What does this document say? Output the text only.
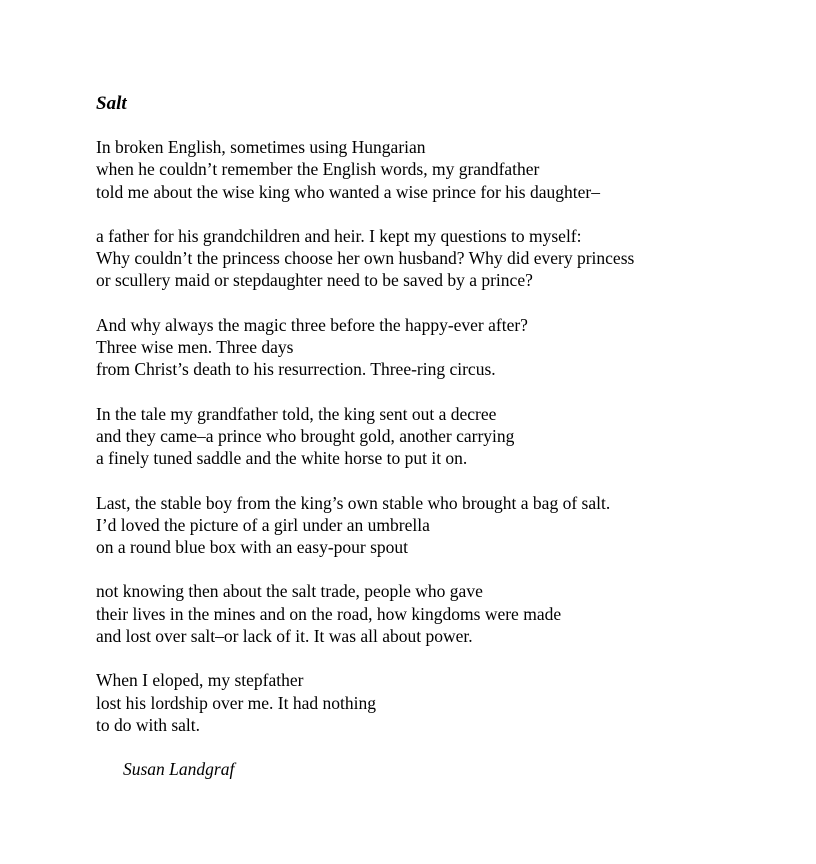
Salt
In broken English, sometimes using Hungarian
when he couldn’t remember the English words, my grandfather
told me about the wise king who wanted a wise prince for his daughter–
a father for his grandchildren and heir. I kept my questions to myself:
Why couldn’t the princess choose her own husband? Why did every princess
or scullery maid or stepdaughter need to be saved by a prince?
And why always the magic three before the happy-ever after?
Three wise men. Three days
from Christ’s death to his resurrection. Three-ring circus.
In the tale my grandfather told, the king sent out a decree
and they came–a prince who brought gold, another carrying
a finely tuned saddle and the white horse to put it on.
Last, the stable boy from the king’s own stable who brought a bag of salt.
I’d loved the picture of a girl under an umbrella
on a round blue box with an easy-pour spout
not knowing then about the salt trade, people who gave
their lives in the mines and on the road, how kingdoms were made
and lost over salt–or lack of it. It was all about power.
When I eloped, my stepfather
lost his lordship over me. It had nothing
to do with salt.
Susan Landgraf
